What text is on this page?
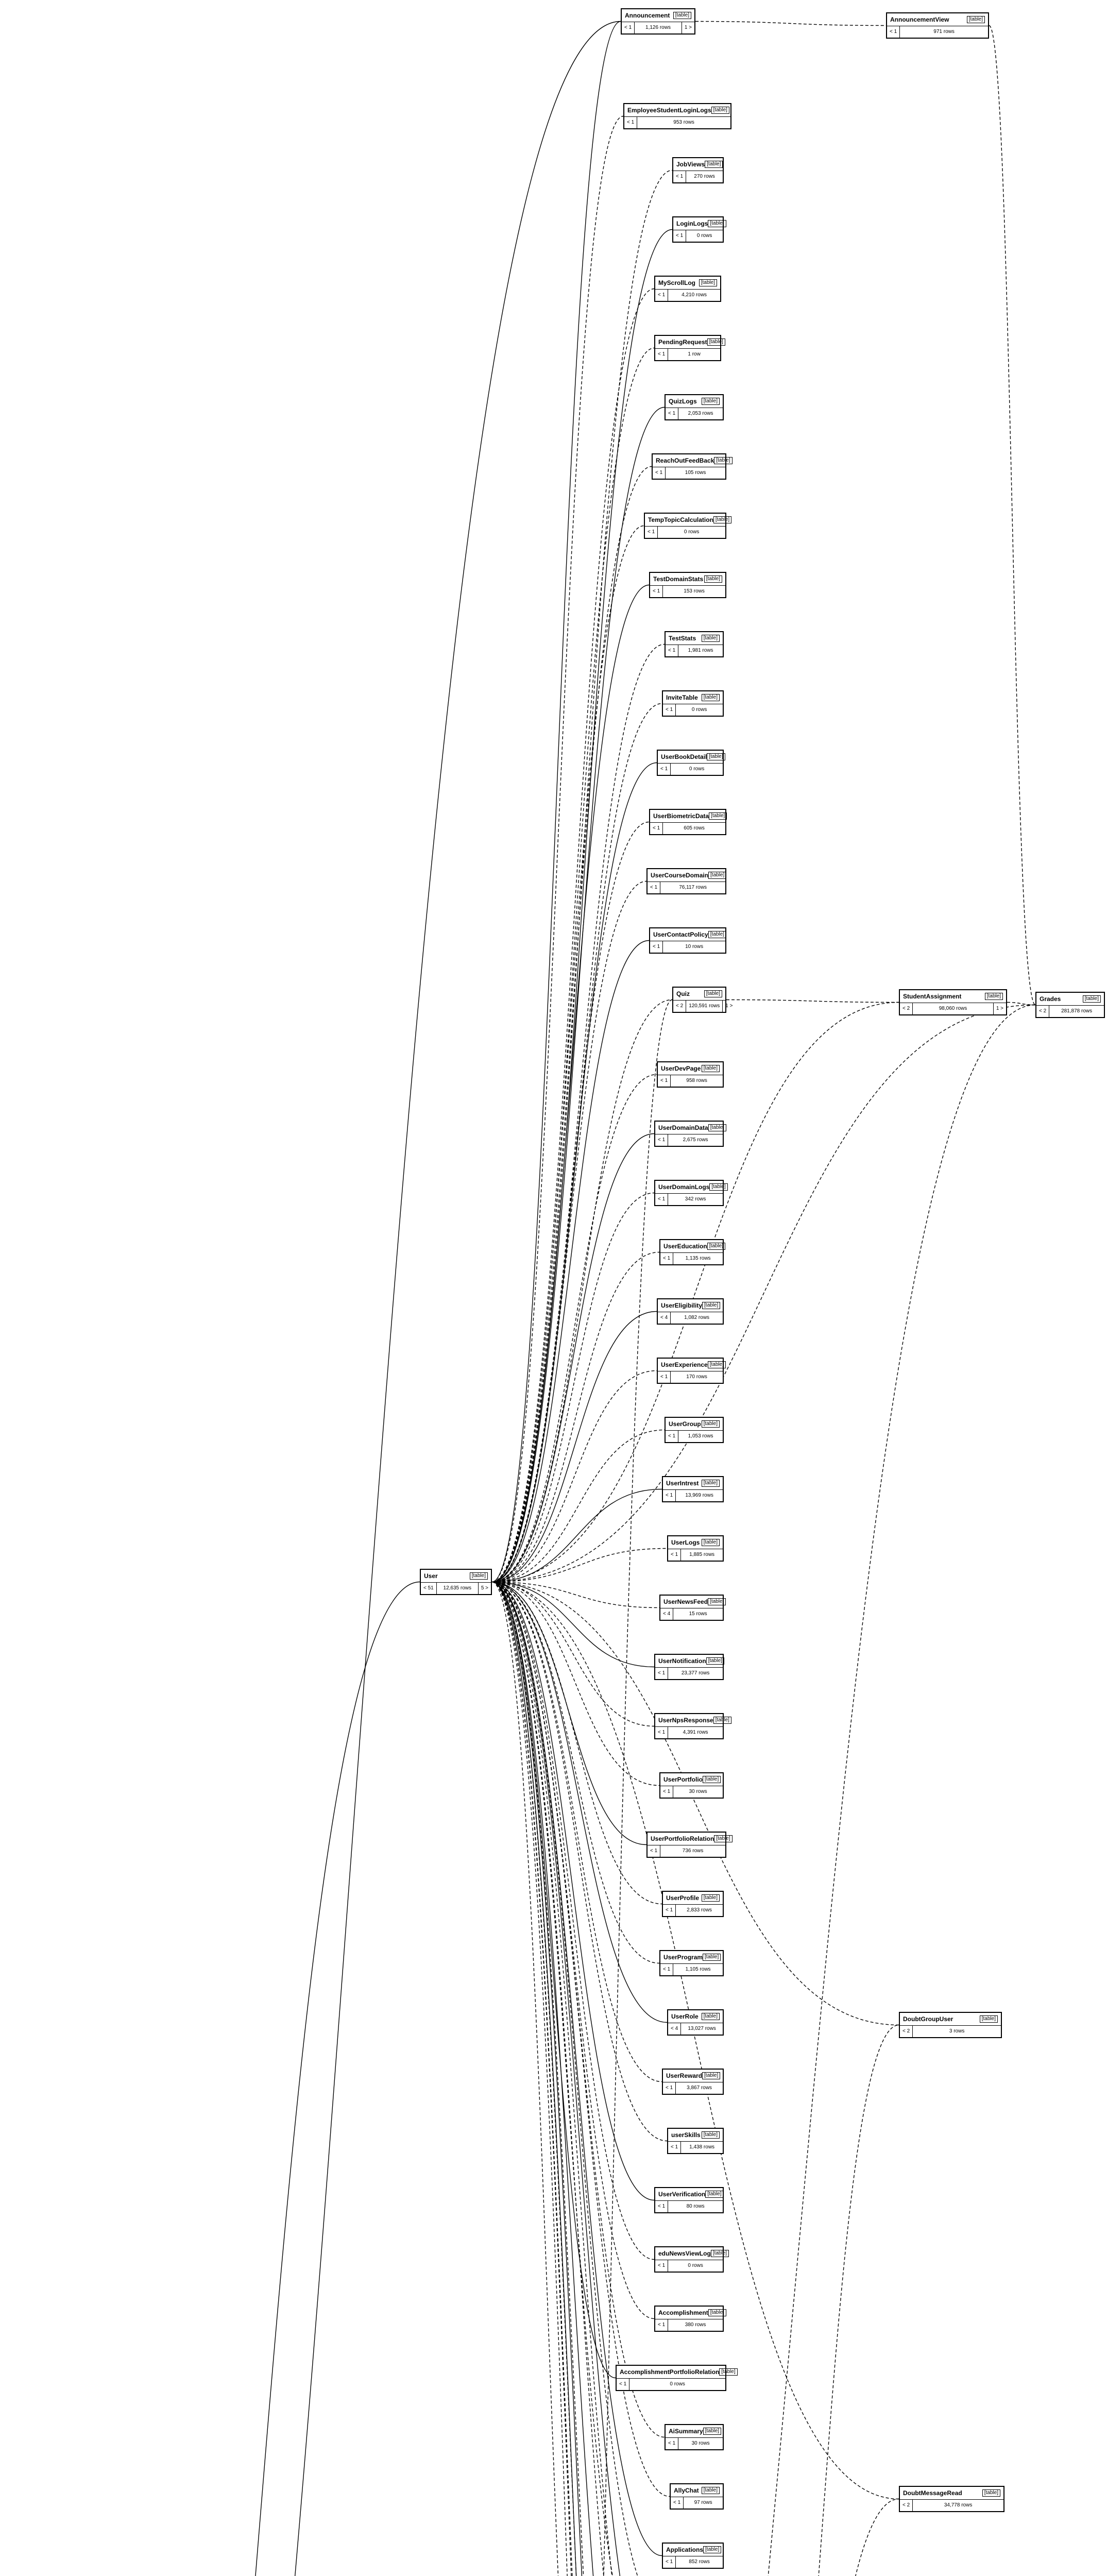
Announcement	[table]
< 1	1,126 rows	1 >
AnnouncementView	[table]
< 1	971 rows
EmployeeStudentLoginLogs [table]
< 1	953 rows
JobViews [table]
< 1	270 rows
LoginLogs [table]
< 1	0 rows
MyScrollLog	[table]
< 1	4,210 rows
PendingRequest [table]
< 1	1 row
QuizLogs	[table]
< 1	2,053 rows
ReachOutFeedBack [table]
< 1	105 rows
TempTopicCalculation [table]
< 1	0 rows
TestDomainStats [table]
< 1	153 rows
TestStats	[table]
< 1	1,981 rows
InviteTable	[table]
< 1	0 rows
UserBookDetail [table]
< 1	0 rows
UserBiometricData [table]
< 1	605 rows
UserCourseDomain [table]
< 1	76,117 rows
UserContactPolicy [table]
< 1	10 rows
Quiz	[table]
< 2	120,591 rows	1 >
StudentAssignment	[table]
< 2	98,060 rows	1 >
Grades	[table]
< 2	281,878 rows
UserDevPage [table]
< 1	958 rows
UserDomainData [table]
< 1	2,675 rows
UserDomainLogs [table]
< 1	342 rows
UserEducation [table]
< 1	1,135 rows
UserEligibility [table]
< 4	1,082 rows
UserExperience [table]
< 1	170 rows
UserGroup [table]
< 1	1,053 rows
UserIntrest [table]
< 1	13,969 rows
UserLogs [table]
< 1	1,885 rows
UserNewsFeed [table]
< 4	15 rows
UserNotification [table]
< 1	23,377 rows
UserNpsResponse [table]
< 1	4,391 rows
UserPortfolio [table]
< 1	30 rows
UserPortfolioRelation [table]
< 1	736 rows
UserProfile [table]
< 1	2,833 rows
UserProgram [table]
< 1	1,105 rows
UserRole	[table]
< 4	13,027 rows
DoubtGroupUser	[table]
< 2	3 rows
UserReward [table]
< 1	3,867 rows
userSkills [table]
< 1	1,438 rows
UserVerification [table]
< 1	80 rows
eduNewsViewLog [table]
< 1	0 rows
Accomplishment [table]
< 1	380 rows
AccomplishmentPortfolioRelation [table]
< 1	0 rows
AiSummary [table]
< 1	30 rows
AllyChat [table]
< 1	97 rows
DoubtMessageRead	[table]
< 2	34,778 rows
Applications [table]
< 1	852 rows
User	[table]
< 51	12,635 rows	5 >
